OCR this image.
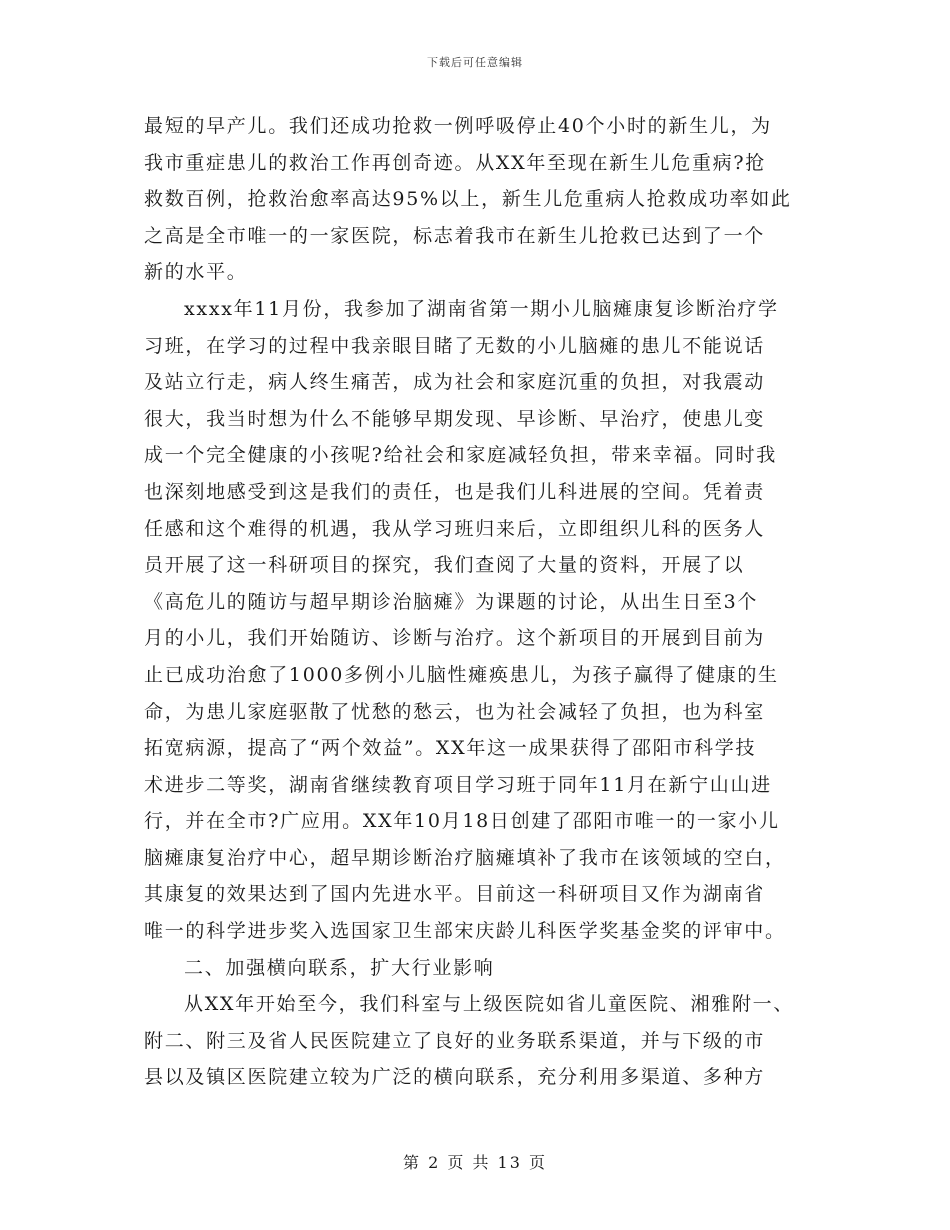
下载后可任意编辑
最短的早产儿。我们还成功抢救一例呼吸停止40个小时的新生儿，为
我市重症患儿的救治工作再创奇迹。从XX年至现在新生儿危重病?抢
救数百例，抢救治愈率高达95%以上，新生儿危重病人抢救成功率如此
之高是全市唯一的一家医院，标志着我市在新生儿抢救已达到了一个
新的水平。
xxxx年11月份，我参加了湖南省第一期小儿脑瘫康复诊断治疗学
习班，在学习的过程中我亲眼目睹了无数的小儿脑瘫的患儿不能说话
及站立行走，病人终生痛苦，成为社会和家庭沉重的负担，对我震动
很大，我当时想为什么不能够早期发现、早诊断、早治疗，使患儿变
成一个完全健康的小孩呢?给社会和家庭减轻负担，带来幸福。同时我
也深刻地感受到这是我们的责任，也是我们儿科进展的空间。凭着责
任感和这个难得的机遇，我从学习班归来后，立即组织儿科的医务人
员开展了这一科研项目的探究，我们查阅了大量的资料，开展了以
《高危儿的随访与超早期诊治脑瘫》为课题的讨论，从出生日至3个
月的小儿，我们开始随访、诊断与治疗。这个新项目的开展到目前为
止已成功治愈了1000多例小儿脑性瘫痪患儿，为孩子赢得了健康的生
命，为患儿家庭驱散了忧愁的愁云，也为社会减轻了负担，也为科室
拓宽病源，提高了“两个效益”。XX年这一成果获得了邵阳市科学技
术进步二等奖，湖南省继续教育项目学习班于同年11月在新宁山山进
行，并在全市?广应用。XX年10月18日创建了邵阳市唯一的一家小儿
脑瘫康复治疗中心，超早期诊断治疗脑瘫填补了我市在该领域的空白，
其康复的效果达到了国内先进水平。目前这一科研项目又作为湖南省
唯一的科学进步奖入选国家卫生部宋庆龄儿科医学奖基金奖的评审中。
二、加强横向联系，扩大行业影响
从XX年开始至今，我们科室与上级医院如省儿童医院、湘雅附一、
附二、附三及省人民医院建立了良好的业务联系渠道，并与下级的市
县以及镇区医院建立较为广泛的横向联系，充分利用多渠道、多种方
第 2 页 共 13 页
